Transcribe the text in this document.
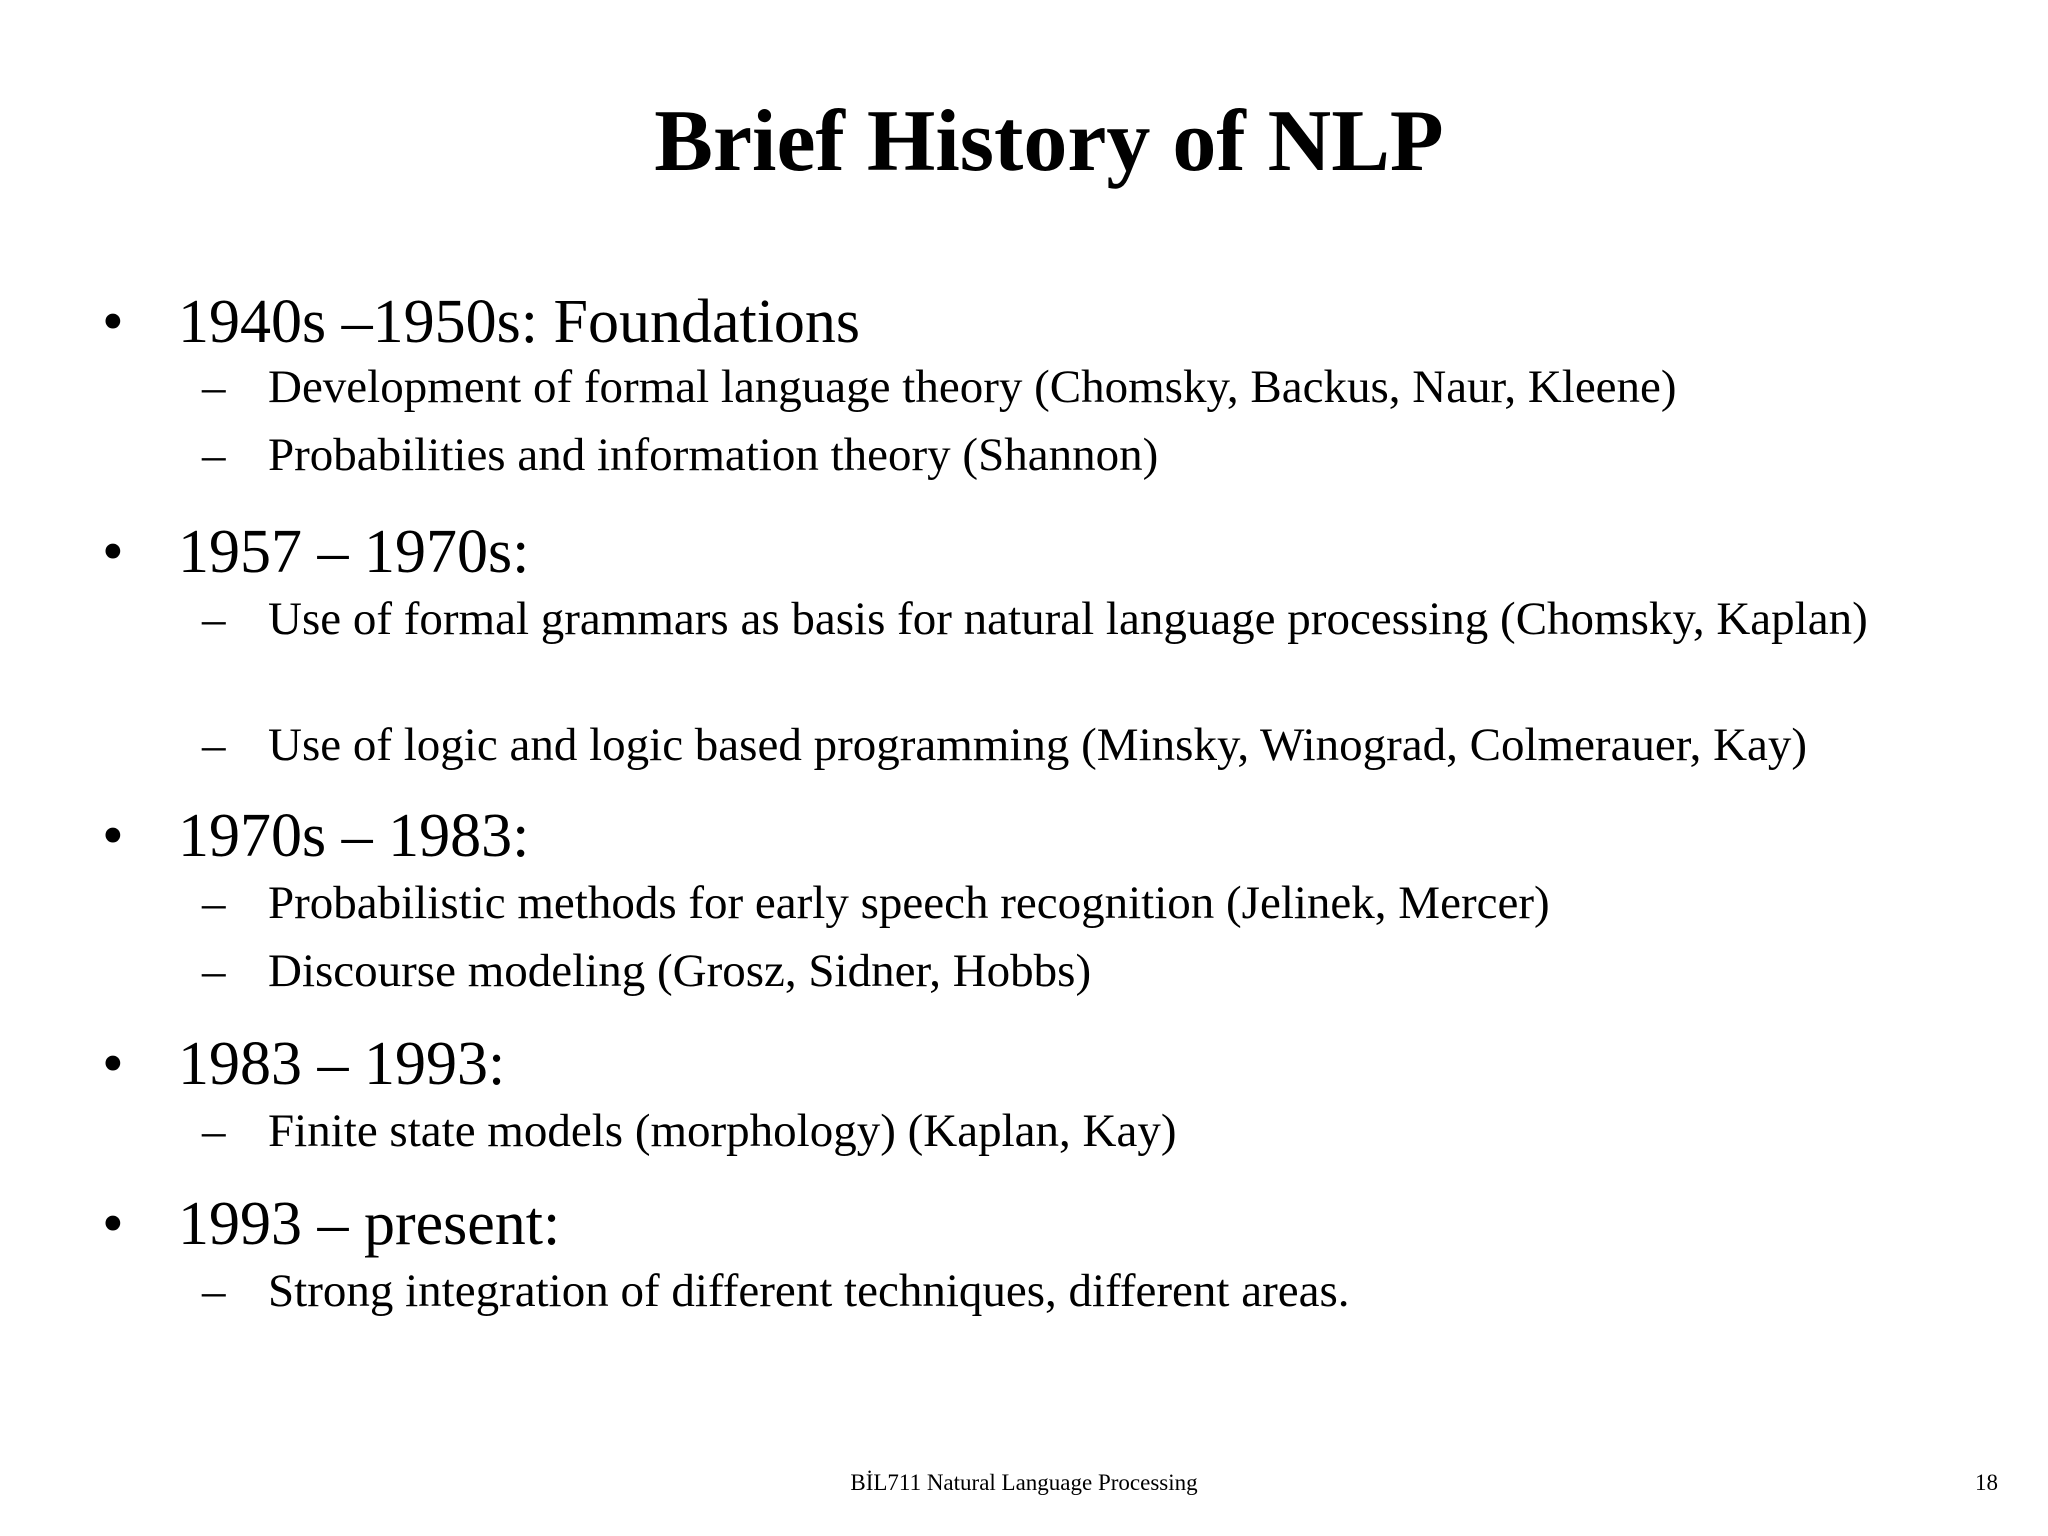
Brief History of NLP
• 1940s –1950s: Foundations
– Development of formal language theory (Chomsky, Backus, Naur, Kleene)
– Probabilities and information theory (Shannon)
• 1957 – 1970s:
– Use of formal grammars as basis for natural language processing (Chomsky, Kaplan)
– Use of logic and logic based programming (Minsky, Winograd, Colmerauer, Kay)
• 1970s – 1983:
– Probabilistic methods for early speech recognition (Jelinek, Mercer)
– Discourse modeling (Grosz, Sidner, Hobbs)
• 1983 – 1993:
– Finite state models (morphology) (Kaplan, Kay)
• 1993 – present:
– Strong integration of different techniques, different areas.
BİL711 Natural Language Processing	18
